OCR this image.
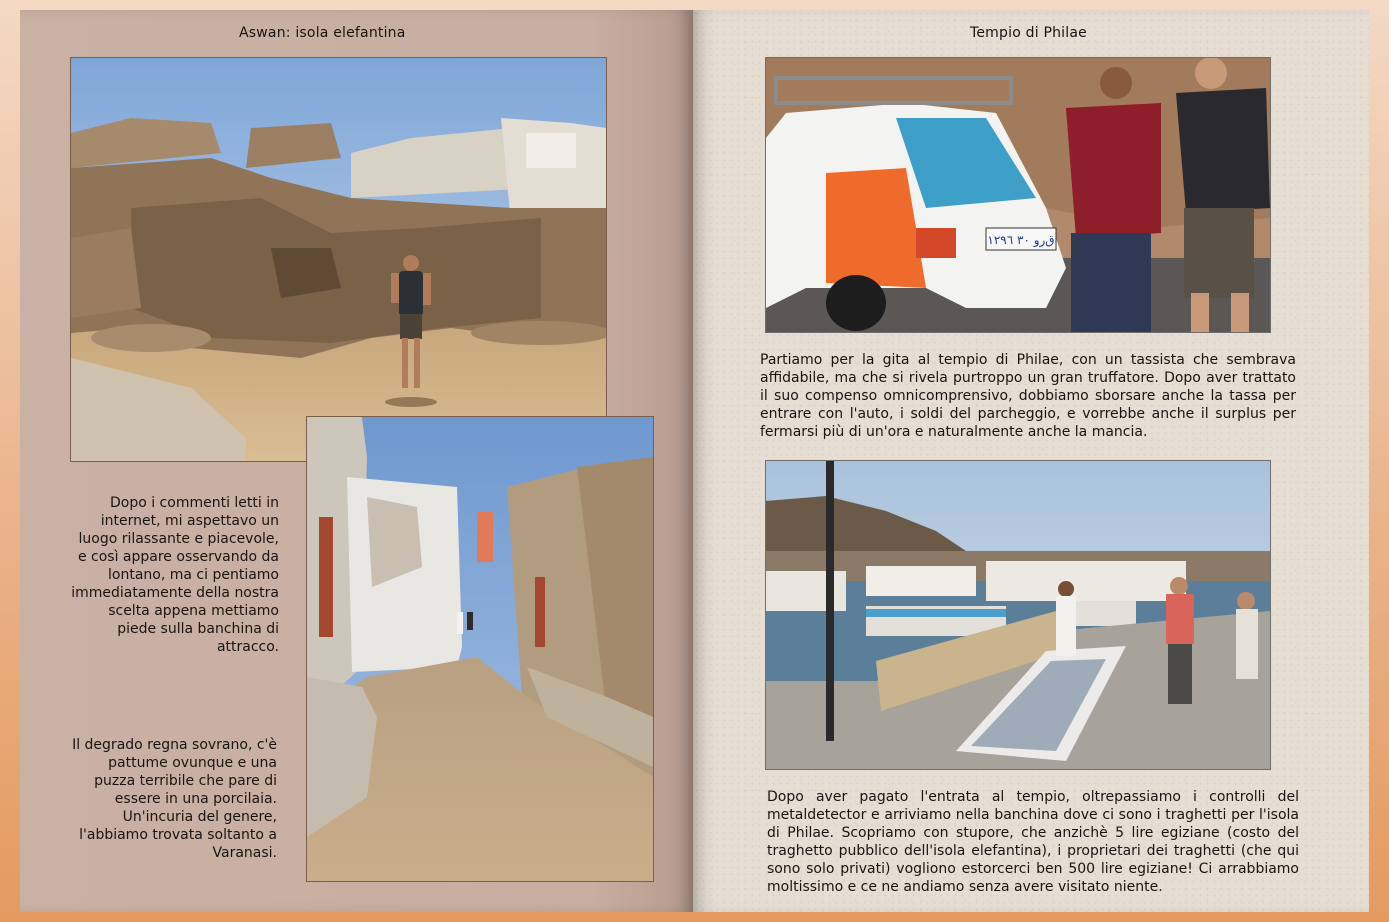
Aswan: isola elefantina
Dopo i commenti letti in internet, mi aspettavo un luogo rilassante e piacevole, e così appare osservando da lontano, ma ci pentiamo immediatamente della nostra scelta appena mettiamo piede sulla banchina di attracco.
Il degrado regna sovrano, c'è pattume ovunque e una puzza terribile che pare di essere in una porcilaia. Un'incuria del genere, l'abbiamo trovata soltanto a Varanasi.
Tempio di Philae
ﻕﺭﻭ ٣٠ ١٢٩٦
Partiamo per la gita al tempio di Philae, con un tassista che sembrava affidabile, ma che si rivela purtroppo un gran truffatore. Dopo aver trattato il suo compenso omnicomprensivo, dobbiamo sborsare anche la tassa per entrare con l'auto, i soldi del parcheggio, e vorrebbe anche il surplus per fermarsi più di un'ora e naturalmente anche la mancia.
Dopo aver pagato l'entrata al tempio, oltrepassiamo i controlli del metaldetector e arriviamo nella banchina dove ci sono i traghetti per l'isola di Philae. Scopriamo con stupore, che anzichè 5 lire egiziane (costo del traghetto pubblico dell'isola elefantina), i proprietari dei traghetti (che qui sono solo privati) vogliono estorcerci ben 500 lire egiziane! Ci arrabbiamo moltissimo e ce ne andiamo senza avere visitato niente.
